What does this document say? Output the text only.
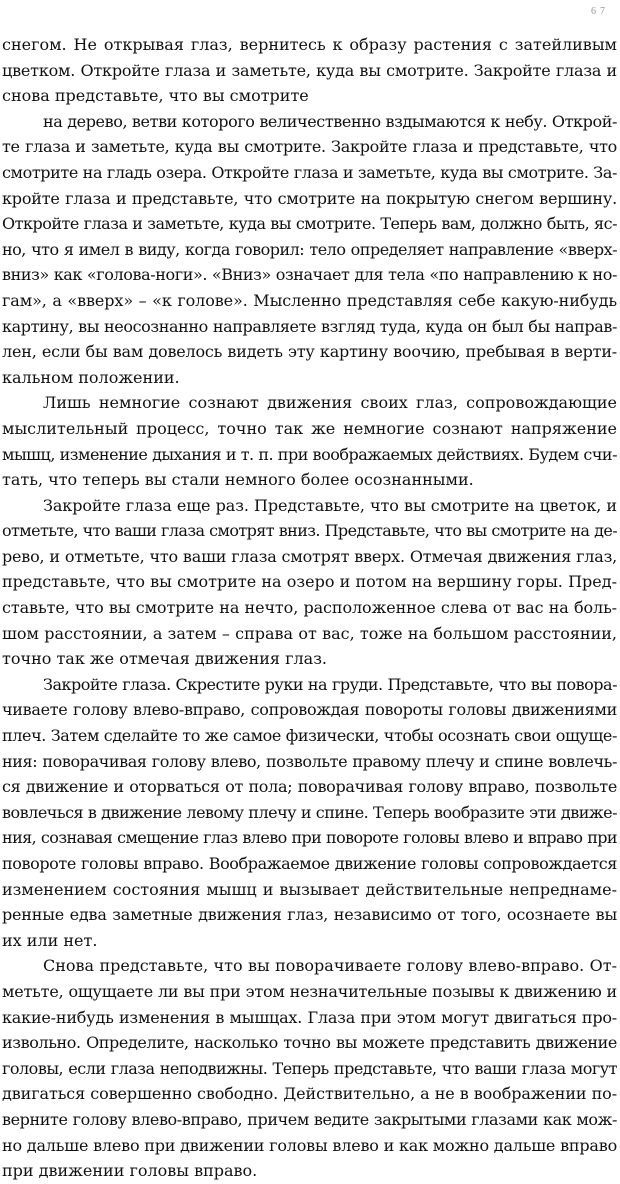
67
снегом. Не открывая глаз, вернитесь к образу растения с затейливым
цветком. Откройте глаза и заметьте, куда вы смотрите. Закройте глаза и
снова представьте, что вы смотрите
на дерево, ветви которого величественно вздымаются к небу. Открой-
те глаза и заметьте, куда вы смотрите. Закройте глаза и представьте, что
смотрите на гладь озера. Откройте глаза и заметьте, куда вы смотрите. За-
кройте глаза и представьте, что смотрите на покрытую снегом вершину.
Откройте глаза и заметьте, куда вы смотрите. Теперь вам, должно быть, яс-
но, что я имел в виду, когда говорил: тело определяет направление «вверх-
вниз» как «голова-ноги». «Вниз» означает для тела «по направлению к но-
гам», а «вверх» – «к голове». Мысленно представляя себе какую-нибудь
картину, вы неосознанно направляете взгляд туда, куда он был бы направ-
лен, если бы вам довелось видеть эту картину воочию, пребывая в верти-
кальном положении.
Лишь немногие сознают движения своих глаз, сопровождающие
мыслительный процесс, точно так же немногие сознают напряжение
мышц, изменение дыхания и т. п. при воображаемых действиях. Будем счи-
тать, что теперь вы стали немного более осознанными.
Закройте глаза еще раз. Представьте, что вы смотрите на цветок, и
отметьте, что ваши глаза смотрят вниз. Представьте, что вы смотрите на де-
рево, и отметьте, что ваши глаза смотрят вверх. Отмечая движения глаз,
представьте, что вы смотрите на озеро и потом на вершину горы. Пред-
ставьте, что вы смотрите на нечто, расположенное слева от вас на боль-
шом расстоянии, а затем – справа от вас, тоже на большом расстоянии,
точно так же отмечая движения глаз.
Закройте глаза. Скрестите руки на груди. Представьте, что вы повора-
чиваете голову влево-вправо, сопровождая повороты головы движениями
плеч. Затем сделайте то же самое физически, чтобы осознать свои ощуще-
ния: поворачивая голову влево, позвольте правому плечу и спине вовлечь-
ся движение и оторваться от пола; поворачивая голову вправо, позвольте
вовлечься в движение левому плечу и спине. Теперь вообразите эти движе-
ния, сознавая смещение глаз влево при повороте головы влево и вправо при
повороте головы вправо. Воображаемое движение головы сопровождается
изменением состояния мышц и вызывает действительные непреднаме-
ренные едва заметные движения глаз, независимо от того, осознаете вы
их или нет.
Снова представьте, что вы поворачиваете голову влево-вправо. От-
метьте, ощущаете ли вы при этом незначительные позывы к движению и
какие-нибудь изменения в мышцах. Глаза при этом могут двигаться про-
извольно. Определите, насколько точно вы можете представить движение
головы, если глаза неподвижны. Теперь представьте, что ваши глаза могут
двигаться совершенно свободно. Действительно, а не в воображении по-
верните голову влево-вправо, причем ведите закрытыми глазами как мож-
но дальше влево при движении головы влево и как можно дальше вправо
при движении головы вправо.
